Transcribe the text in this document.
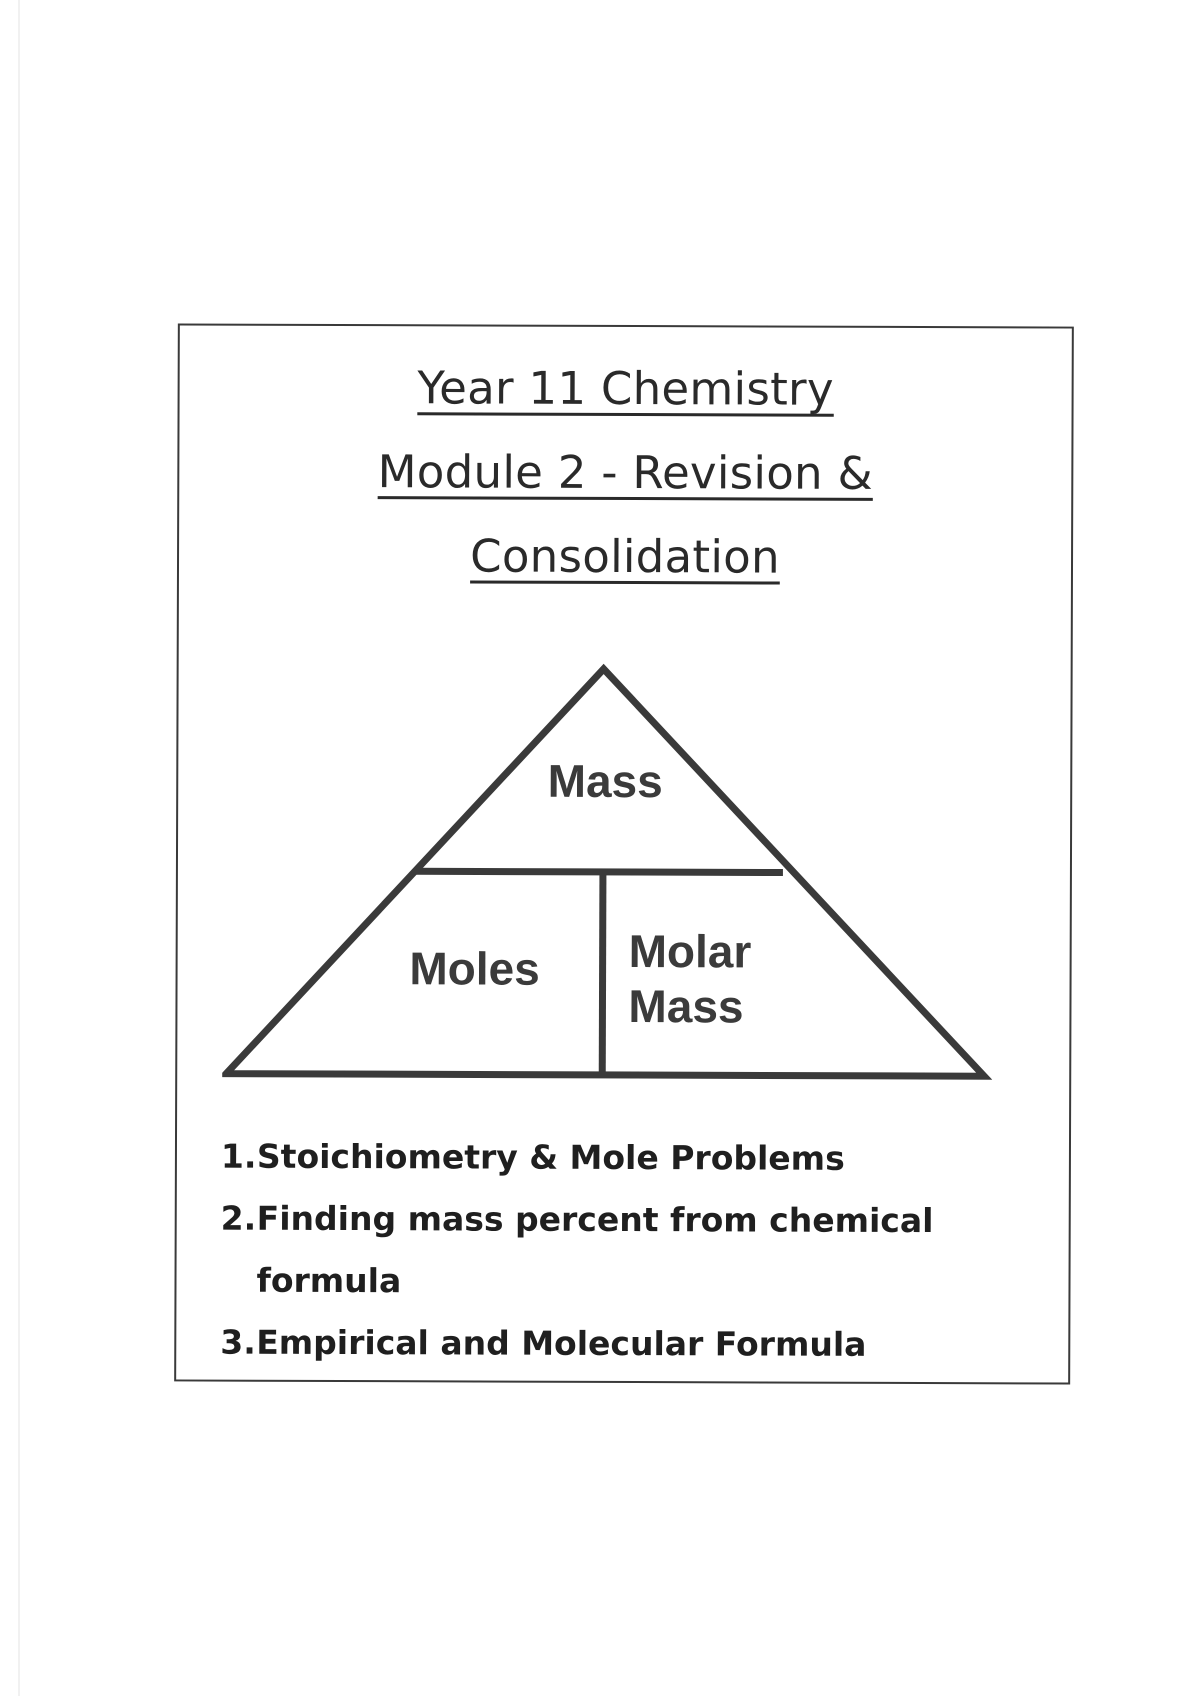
Year 11 Chemistry
Module 2 - Revision &
Consolidation
Mass
Moles Molar
Mass
1. Stoichiometry & Mole Problems
2. Finding mass percent from chemical formula
3. Empirical and Molecular Formula
